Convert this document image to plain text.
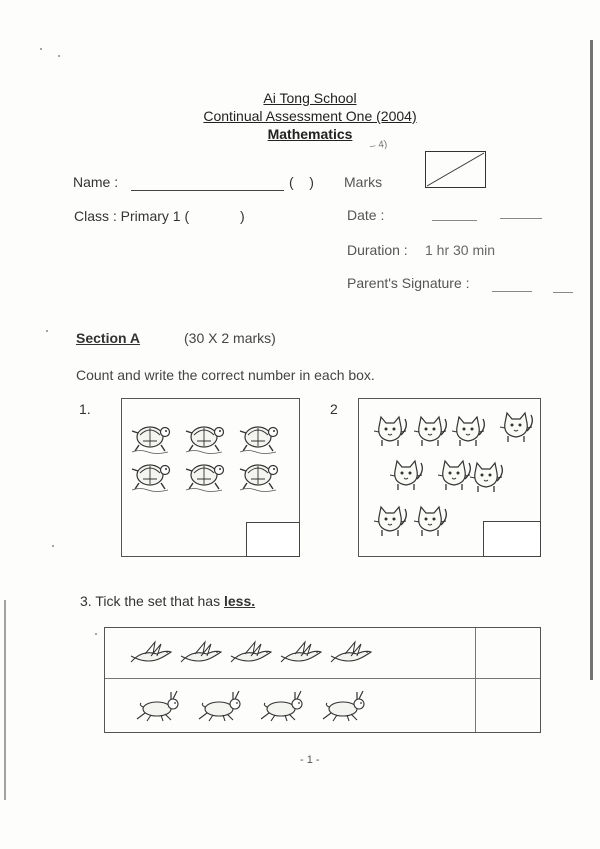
Ai Tong School
Continual Assessment One (2004)
Mathematics
– 4)
Name :	(    ) Marks
Class : Primary 1 (	)	Date :
Duration : 1 hr 30 min
Parent's Signature :
Section A	(30 X 2 marks)
Count and write the correct number in each box.
1.	2
3. Tick the set that has less.
- 1 -
